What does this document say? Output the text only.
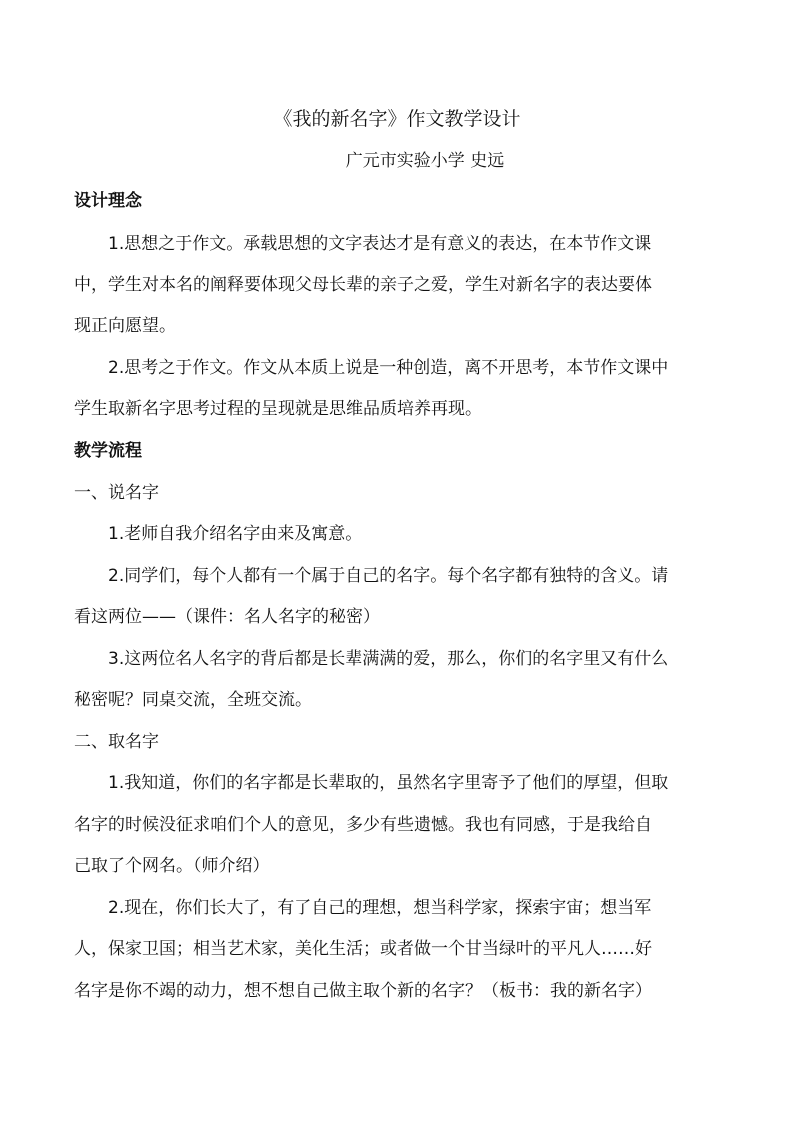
《我的新名字》作文教学设计
广元市实验小学 史远
设计理念
1.思想之于作文。承载思想的文字表达才是有意义的表达，在本节作文课
中，学生对本名的阐释要体现父母长辈的亲子之爱，学生对新名字的表达要体
现正向愿望。
2.思考之于作文。作文从本质上说是一种创造，离不开思考，本节作文课中
学生取新名字思考过程的呈现就是思维品质培养再现。
教学流程
一、说名字
1.老师自我介绍名字由来及寓意。
2.同学们，每个人都有一个属于自己的名字。每个名字都有独特的含义。请
看这两位——（课件：名人名字的秘密）
3.这两位名人名字的背后都是长辈满满的爱，那么，你们的名字里又有什么
秘密呢？同桌交流，全班交流。
二、取名字
1.我知道，你们的名字都是长辈取的，虽然名字里寄予了他们的厚望，但取
名字的时候没征求咱们个人的意见，多少有些遗憾。我也有同感，于是我给自
己取了个网名。（师介绍）
2.现在，你们长大了，有了自己的理想，想当科学家，探索宇宙；想当军
人，保家卫国；相当艺术家，美化生活；或者做一个甘当绿叶的平凡人……好
名字是你不竭的动力，想不想自己做主取个新的名字？（板书：我的新名字）
